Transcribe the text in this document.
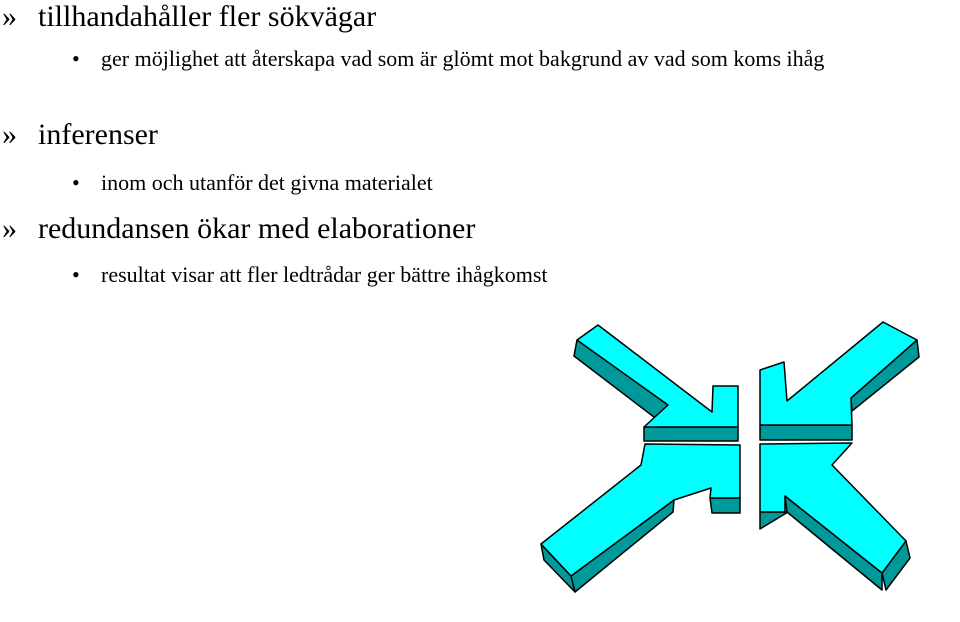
» tillhandahåller fler sökvägar
• ger möjlighet att återskapa vad som är glömt mot bakgrund av vad som koms ihåg
» inferenser
• inom och utanför det givna materialet
» redundansen ökar med elaborationer
• resultat visar att fler ledtrådar ger bättre ihågkomst
